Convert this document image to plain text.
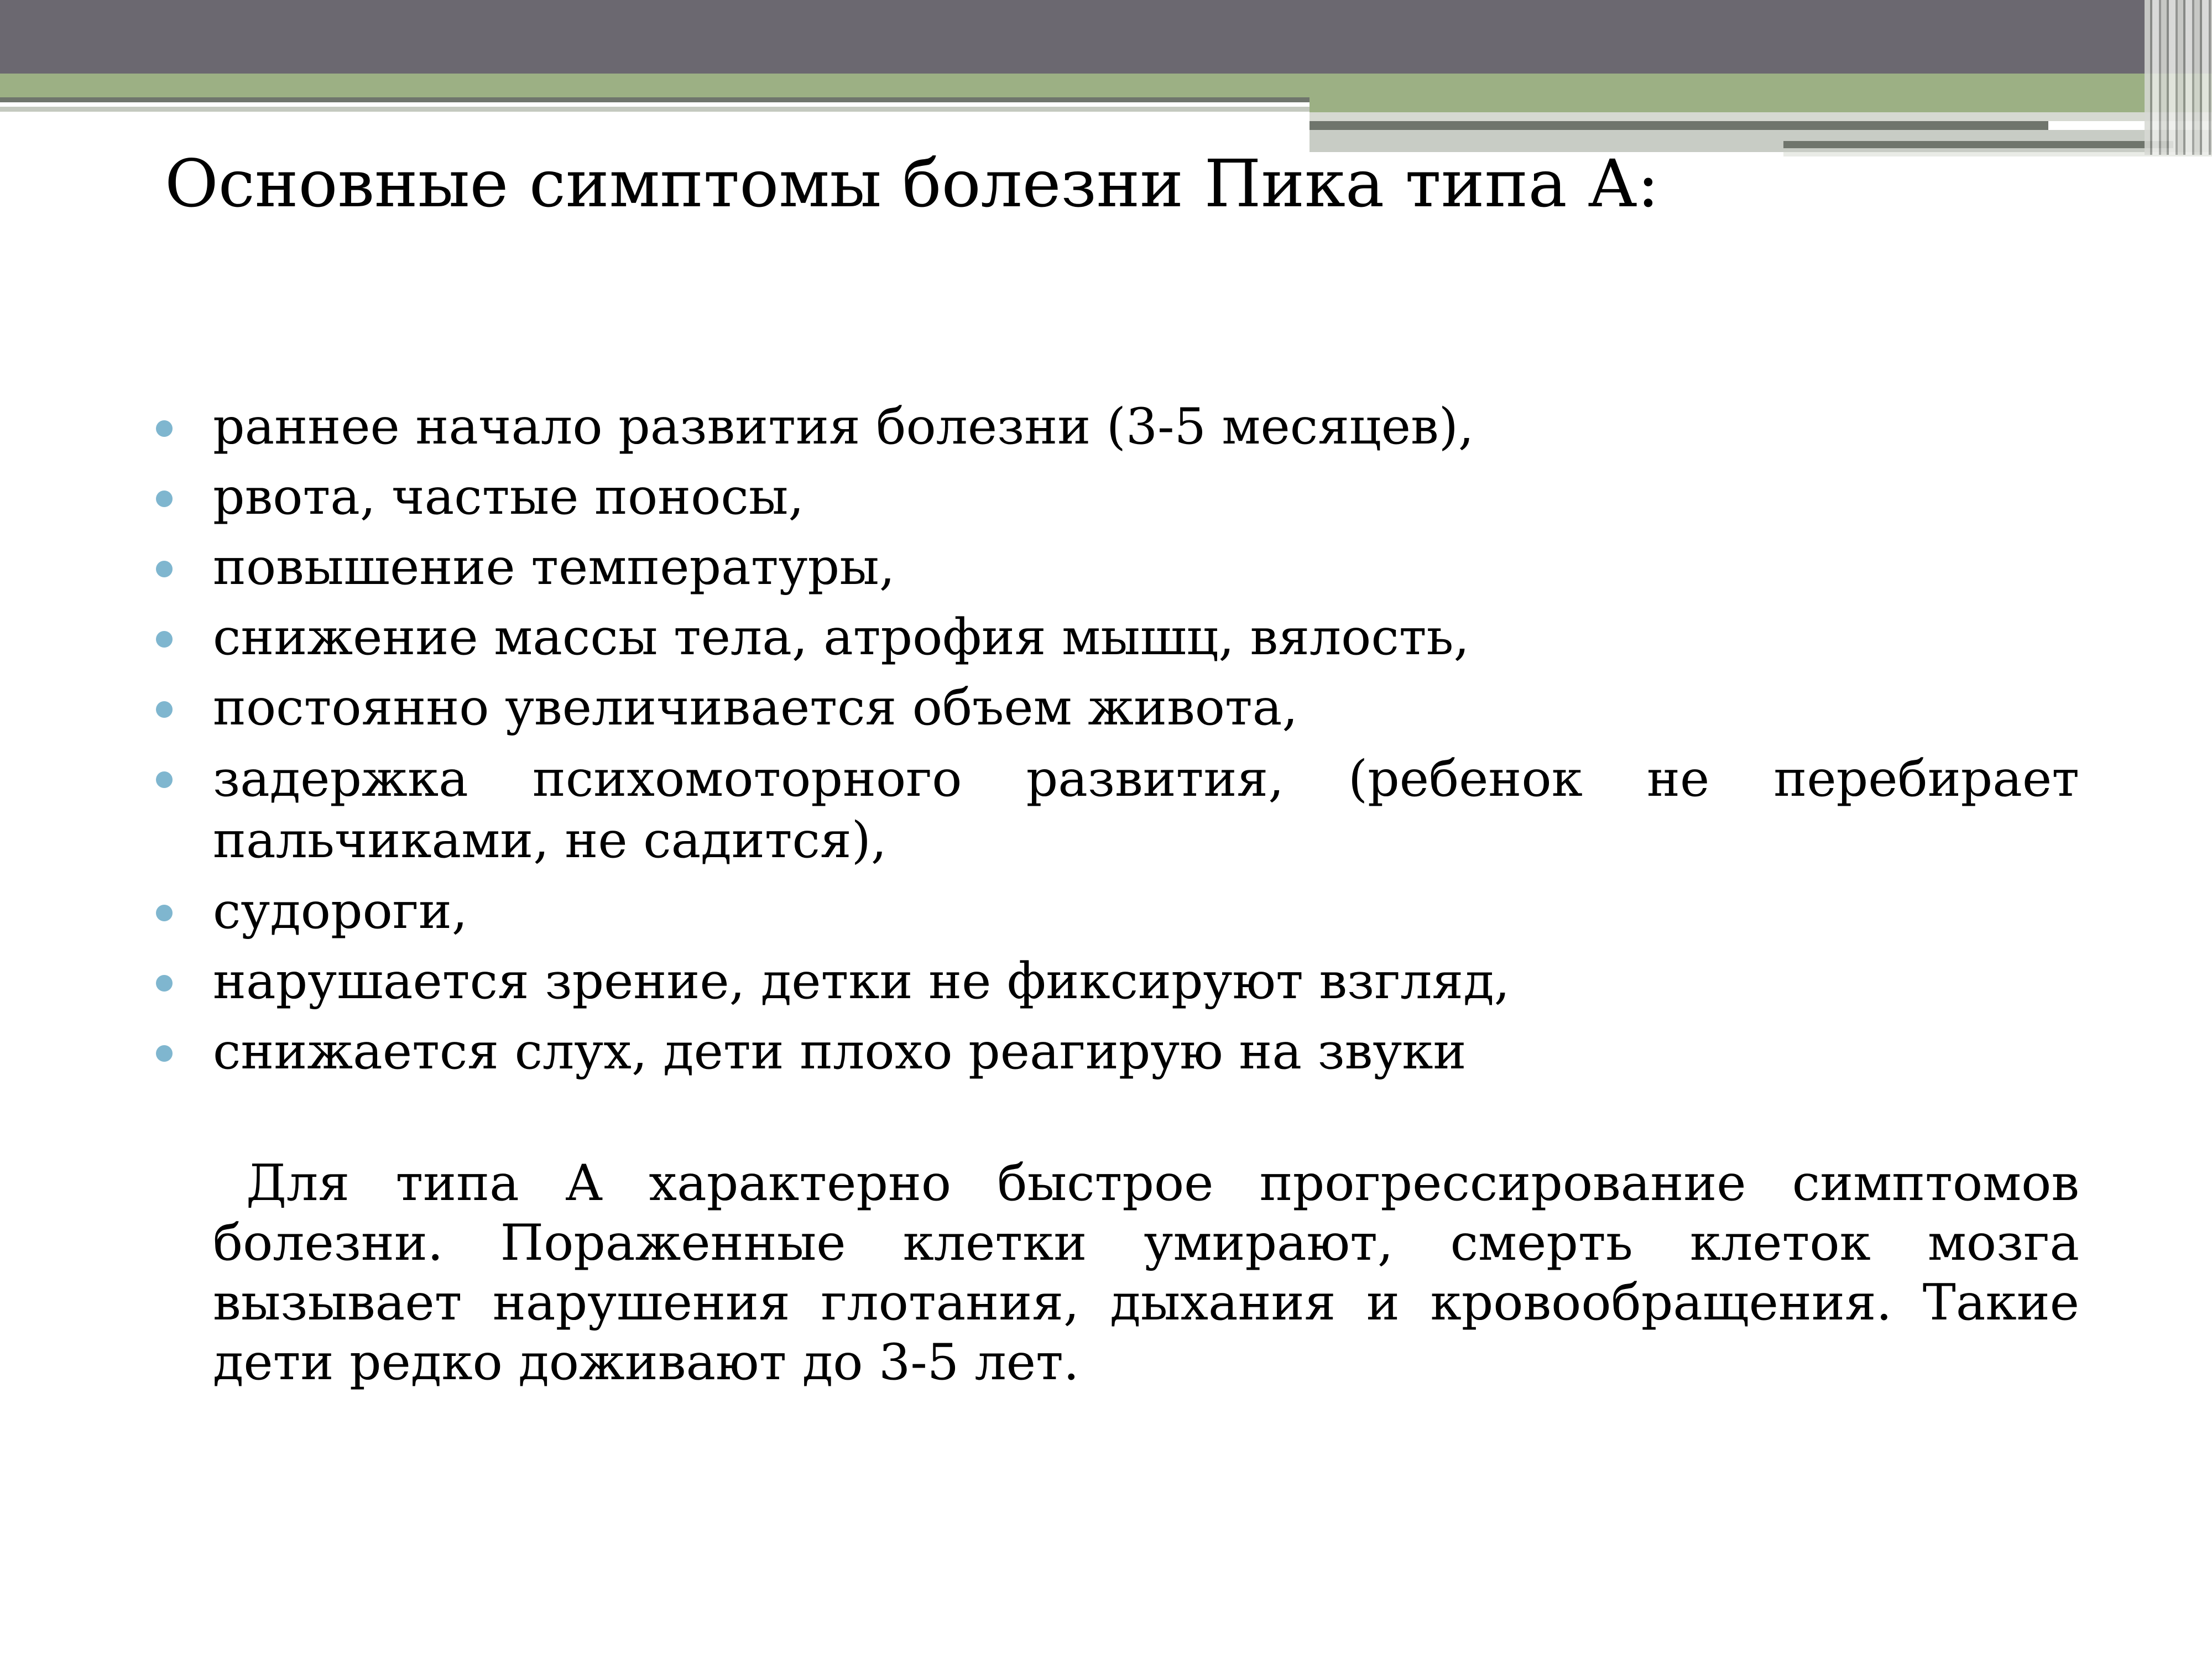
Основные симптомы болезни Пика типа А:
раннее начало развития болезни (3-5 месяцев),
рвота, частые поносы,
повышение температуры,
снижение массы тела, атрофия мышц, вялость,
постоянно увеличивается объем живота,
задержка психомоторного развития, (ребенок не перебирает пальчиками, не садится),
судороги,
нарушается зрение, детки не фиксируют взгляд,
снижается слух, дети плохо реагирую на звуки

Для типа А характерно быстрое прогрессирование симптомов болезни. Пораженные клетки умирают, смерть клеток мозга вызывает нарушения глотания, дыхания и кровообращения. Такие дети редко доживают до 3-5 лет.
